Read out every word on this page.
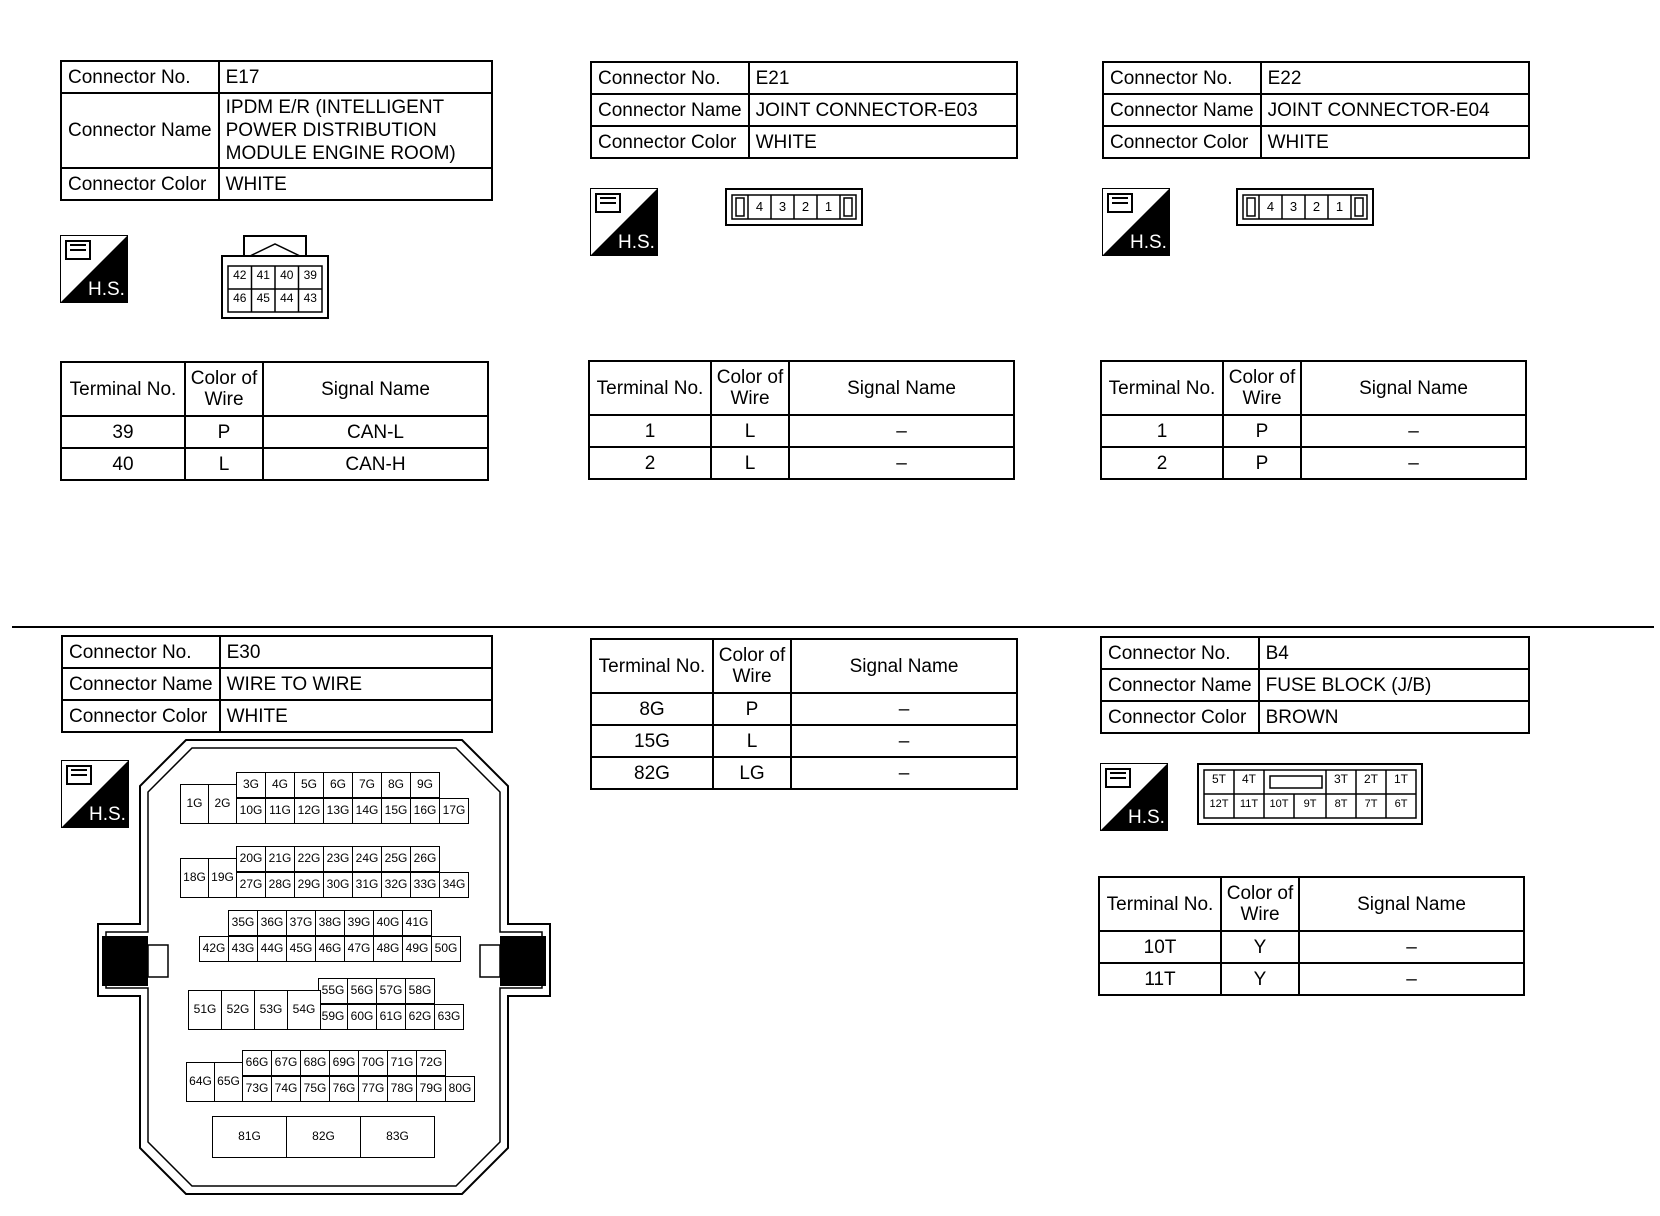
Connector No.	E17
Connector Name	IPDM E/R (INTELLIGENT
POWER DISTRIBUTION
MODULE ENGINE ROOM)

Connector Color	WHITE
H.S.
42 41 40 39
46 45 44 43
Terminal No.	Color of
Wire	Signal Name
39	P	CAN-L
40	L	CAN-H
Connector No.	E21
Connector Name	JOINT CONNECTOR-E03
Connector Color	WHITE
H.S.
4	3	2	1
Terminal No.	Color of
Wire	Signal Name
1	L	–
2	L	–
Connector No.	E22
Connector Name	JOINT CONNECTOR-E04
Connector Color	WHITE
H.S.
4	3	2	1
Terminal No.	Color of
Wire	Signal Name
1	P	–
2	P	–
Connector No.	E30
Connector Name	WIRE TO WIRE
Connector Color	WHITE
H.S.
3G	4G	5G	6G	7G	8G	9G
10G 11G 12G 13G 14G 15G 16G 17G
1G 2G
20G 21G 22G 23G 24G 25G 26G
27G 28G 29G 30G 31G 32G 33G 34G
18G 19G
35G 36G 37G 38G 39G 40G 41G
42G 43G 44G 45G 46G 47G 48G 49G 50G
55G 56G 57G 58G
59G 60G 61G 62G 63G
51G 52G 53G 54G
66G 67G 68G 69G 70G 71G 72G
73G 74G 75G 76G 77G 78G 79G 80G
64G 65G
81G	82G	83G
Terminal No.	Color of
Wire	Signal Name
8G	P	–
15G	L	–
82G	LG	–
Connector No.	B4
Connector Name	FUSE BLOCK (J/B)
Connector Color	BROWN
H.S.
5T	4T	3T	2T	1T
12T	11T	10T	9T	8T	7T	6T
Terminal No.	Color of
Wire	Signal Name
10T	Y	–
11T	Y	–
